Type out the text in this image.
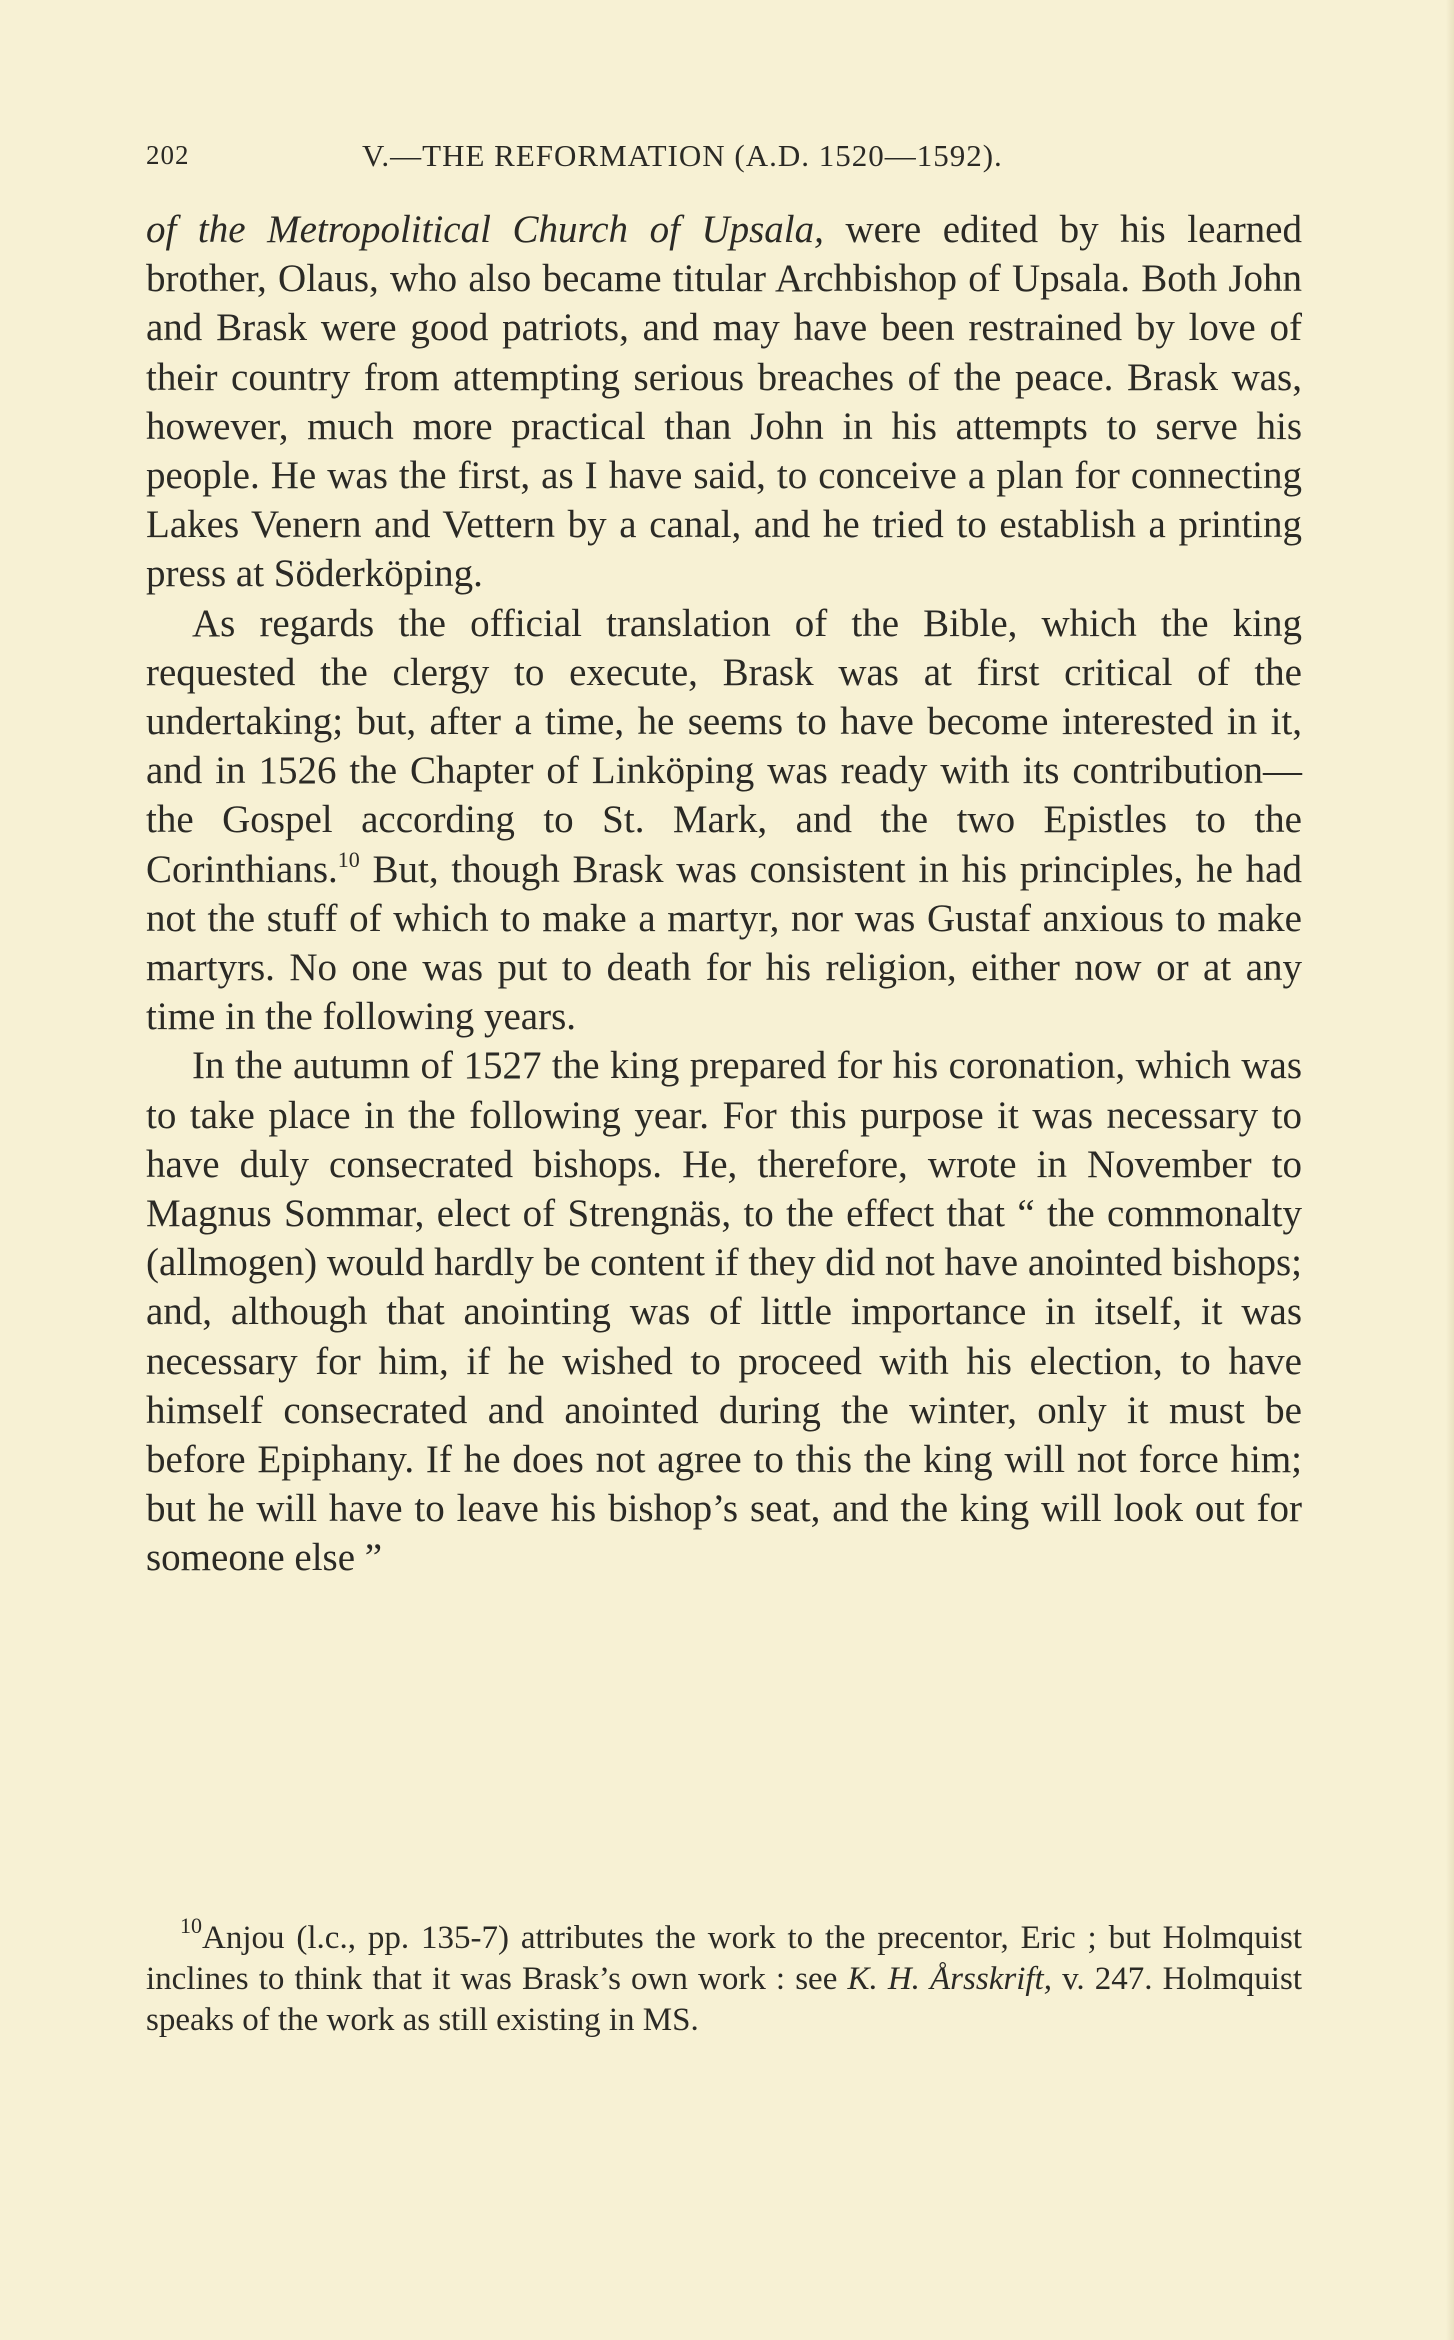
202	V.—THE REFORMATION (A.D. 1520—1592).

of the Metropolitical Church of Upsala, were edited by his learned brother, Olaus, who also became titular Archbishop of Upsala. Both John and Brask were good patriots, and may have been restrained by love of their country from attempting serious breaches of the peace. Brask was, however, much more practical than John in his attempts to serve his people. He was the first, as I have said, to conceive a plan for connecting Lakes Venern and Vettern by a canal, and he tried to establish a printing press at Söderköping.

As regards the official translation of the Bible, which the king requested the clergy to execute, Brask was at first critical of the undertaking; but, after a time, he seems to have become interested in it, and in 1526 the Chapter of Linköping was ready with its contribution—the Gospel according to St. Mark, and the two Epistles to the Corinthians.$^{10}$ But, though Brask was consistent in his principles, he had not the stuff of which to make a martyr, nor was Gustaf anxious to make martyrs. No one was put to death for his religion, either now or at any time in the following years.

In the autumn of 1527 the king prepared for his coronation, which was to take place in the following year. For this purpose it was necessary to have duly consecrated bishops. He, therefore, wrote in November to Magnus Sommar, elect of Strengnäs, to the effect that “ the commonalty (allmogen) would hardly be content if they did not have anointed bishops; and, although that anointing was of little importance in itself, it was necessary for him, if he wished to proceed with his election, to have himself consecrated and anointed during the winter, only it must be before Epiphany. If he does not agree to this the king will not force him; but he will have to leave his bishop’s seat, and the king will look out for someone else ”

$^{10}$Anjou (l.c., pp. 135-7) attributes the work to the precentor, Eric ; but Holmquist inclines to think that it was Brask’s own work : see K. H. Årsskrift, v. 247. Holmquist speaks of the work as still existing in MS.
